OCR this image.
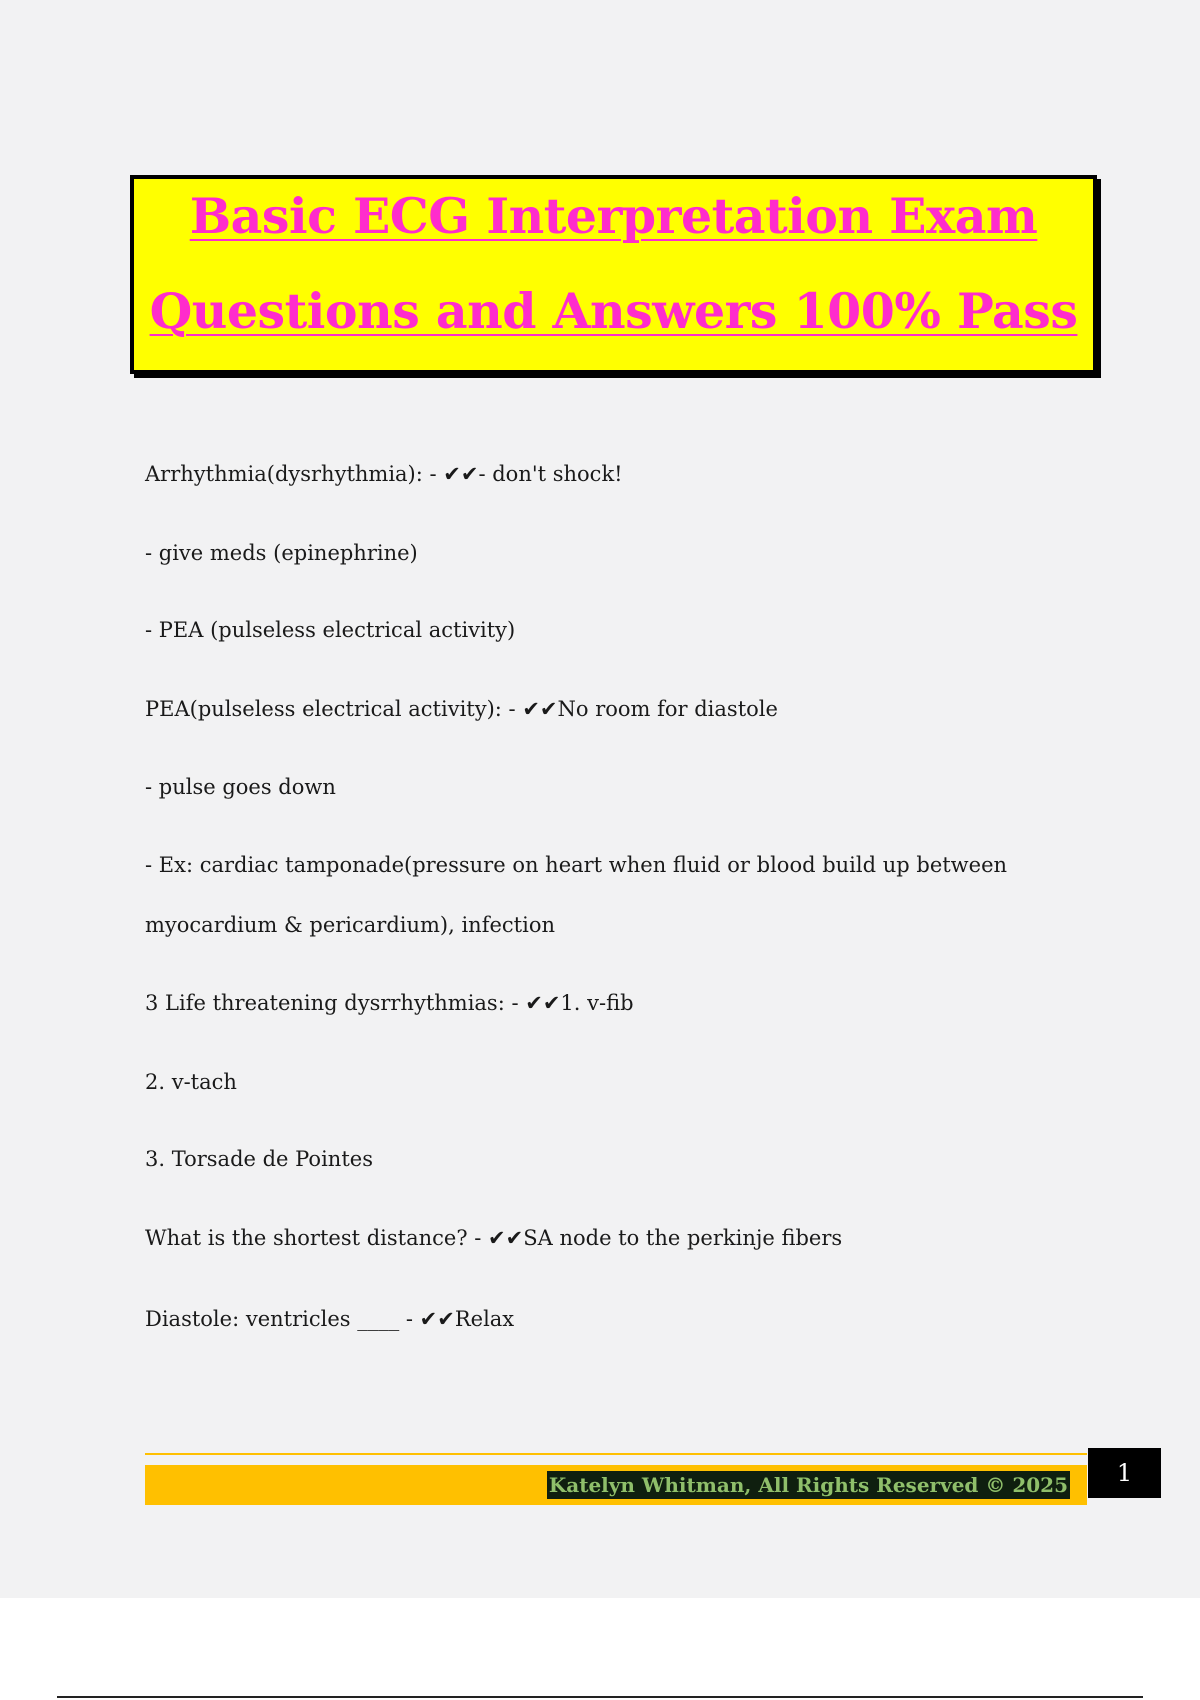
Basic ECG Interpretation Exam
Questions and Answers 100% Pass
Arrhythmia(dysrhythmia): - ✔✔- don't shock!
- give meds (epinephrine)
- PEA (pulseless electrical activity)
PEA(pulseless electrical activity): - ✔✔No room for diastole
- pulse goes down
- Ex: cardiac tamponade(pressure on heart when fluid or blood build up between
myocardium & pericardium), infection
3 Life threatening dysrrhythmias: - ✔✔1. v-fib
2. v-tach
3. Torsade de Pointes
What is the shortest distance? - ✔✔SA node to the perkinje fibers
Diastole: ventricles ____ - ✔✔Relax
Katelyn Whitman, All Rights Reserved © 2025	1
